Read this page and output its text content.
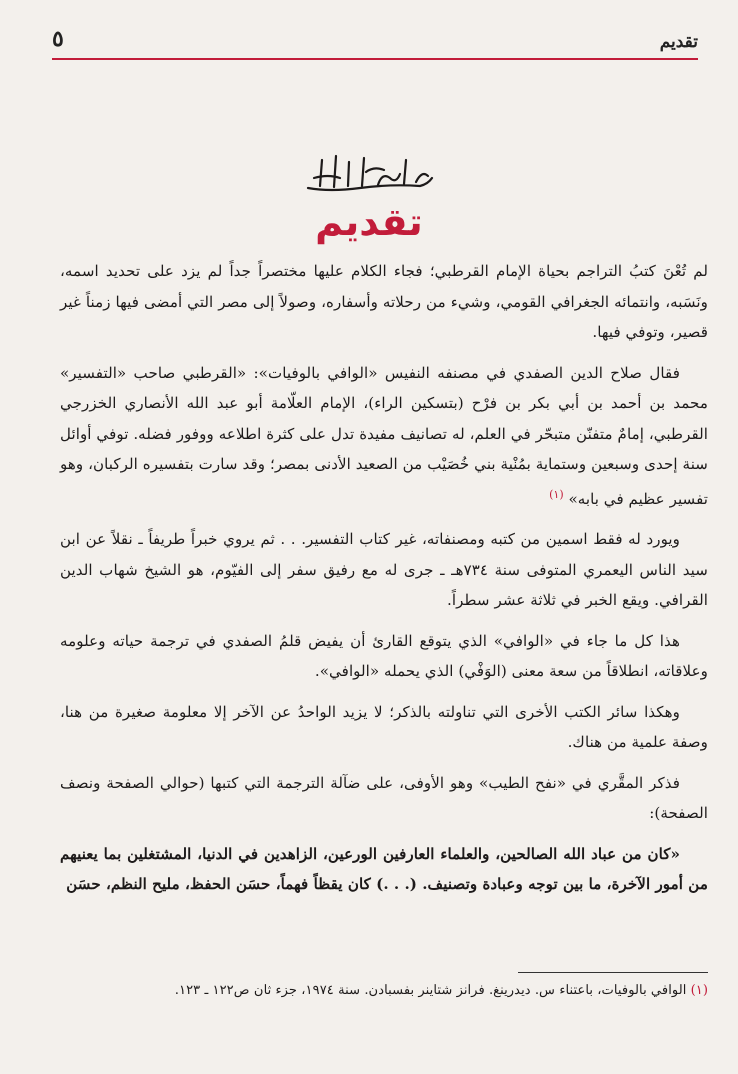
تقديم
٥
تقديم

لم تُعْنَ كتبُ التراجم بحياة الإمام القرطبي؛ فجاء الكلام عليها مختصراً جداً لم يزد على تحديد اسمه، ونَسَبه، وانتمائه الجغرافي القومي، وشيء من رحلاته وأسفاره، وصولاً إلى مصر التي أمضى فيها زمناً غير قصير، وتوفي فيها.

فقال صلاح الدين الصفدي في مصنفه النفيس «الوافي بالوفيات»: «القرطبي صاحب «التفسير» محمد بن أحمد بن أبي بكر بن فرْح (بتسكين الراء)، الإمام العلّامة أبو عبد الله الأنصاري الخزرجي القرطبي، إمامٌ متفنّن متبحّر في العلم، له تصانيف مفيدة تدل على كثرة اطلاعه ووفور فضله. توفي أوائل سنة إحدى وسبعين وستماية بمُنْية بني خُصَيْب من الصعيد الأدنى بمصر؛ وقد سارت بتفسيره الركبان، وهو تفسير عظيم في بابه» $^{(١)}$

ويورد له فقط اسمين من كتبه ومصنفاته، غير كتاب التفسير. . . ثم يروي خبراً طريفاً ـ نقلاً عن ابن سيد الناس اليعمري المتوفى سنة ٧٣٤هـ ـ جرى له مع رفيق سفر إلى الفيّوم، هو الشيخ شهاب الدين القرافي. ويقع الخبر في ثلاثة عشر سطراً.

هذا كل ما جاء في «الوافي» الذي يتوقع القارئ أن يفيض قلمُ الصفدي في ترجمة حياته وعلومه وعلاقاته، انطلاقاً من سعة معنى (الوَفْي) الذي يحمله «الوافي».

وهكذا سائر الكتب الأخرى التي تناولته بالذكر؛ لا يزيد الواحدُ عن الآخر إلا معلومة صغيرة من هنا، وصفة علمية من هناك.

فذكر المقَّري في «نفح الطيب» وهو الأوفى، على ضآلة الترجمة التي كتبها (حوالي الصفحة ونصف الصفحة):

«كان من عباد الله الصالحين، والعلماء العارفين الورعين، الزاهدين في الدنيا، المشتغلين بما يعنيهم من أمور الآخرة، ما بين توجه وعبادة وتصنيف. (. . .) كان يقظاً فهماً، حسَن الحفظ، مليح النظم، حسَن

(١) الوافي بالوفيات، باعتناء س. ديدرينغ. فرانز شتاينر بفسبادن. سنة ١٩٧٤، جزء ثان ص١٢٢ ـ ١٢٣.
